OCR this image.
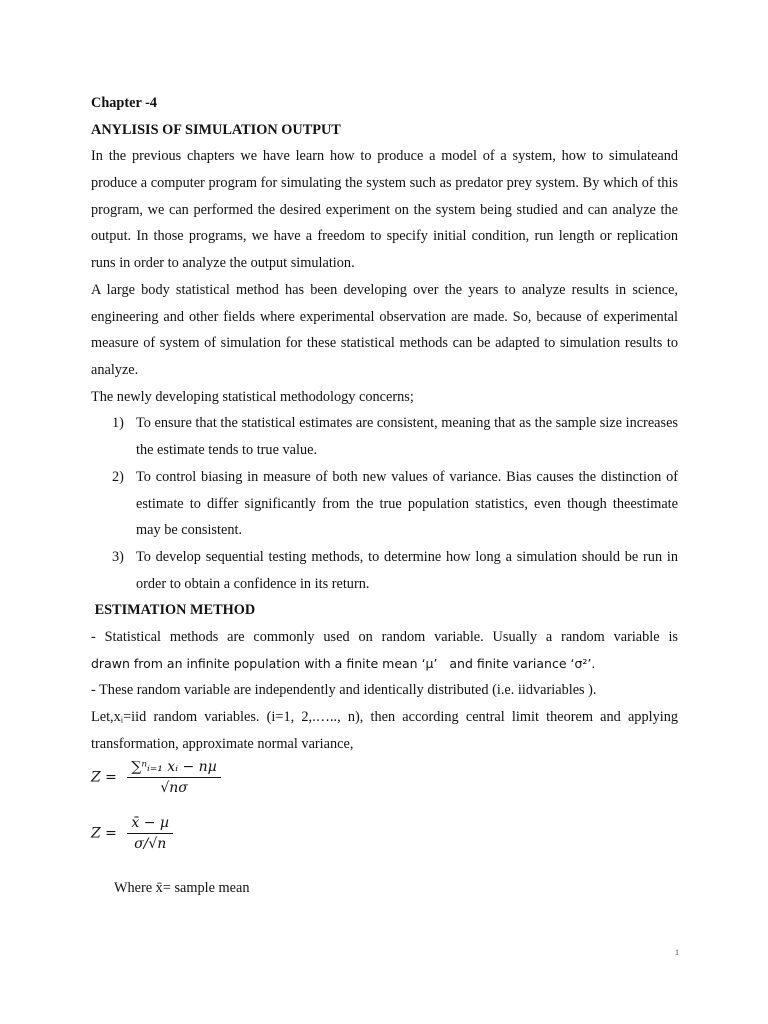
Chapter -4
ANYLISIS OF SIMULATION OUTPUT
In the previous chapters we have learn how to produce a model of a system, how to simulateand produce a computer program for simulating the system such as predator prey system. By which of this program, we can performed the desired experiment on the system being studied and can analyze the output. In those programs, we have a freedom to specify initial condition, run length or replication runs in order to analyze the output simulation.
A large body statistical method has been developing over the years to analyze results in science, engineering and other fields where experimental observation are made. So, because of experimental measure of system of simulation for these statistical methods can be adapted to simulation results to analyze.
The newly developing statistical methodology concerns;
1) To ensure that the statistical estimates are consistent, meaning that as the sample size increases the estimate tends to true value.
2) To control biasing in measure of both new values of variance. Bias causes the distinction of estimate to differ significantly from the true population statistics, even though theestimate may be consistent.
3) To develop sequential testing methods, to determine how long a simulation should be run in order to obtain a confidence in its return.
ESTIMATION METHOD
- Statistical methods are commonly used on random variable. Usually a random variable is
drawn from an infinite population with a finite mean ‘µ’   and finite variance ‘σ²’.
- These random variable are independently and identically distributed (i.e. iidvariables ).
Let,xᵢ=iid random variables. (i=1, 2,.….., n), then according central limit theorem and applying transformation, approximate normal variance,
$Z = \frac{\text{∑ⁿᵢ₌₁ xᵢ − nµ}}{√n\sigma}$
$Z = \frac{\text{x̄ − µ}}{\sigma/√n}$
Where x̄= sample mean
1
